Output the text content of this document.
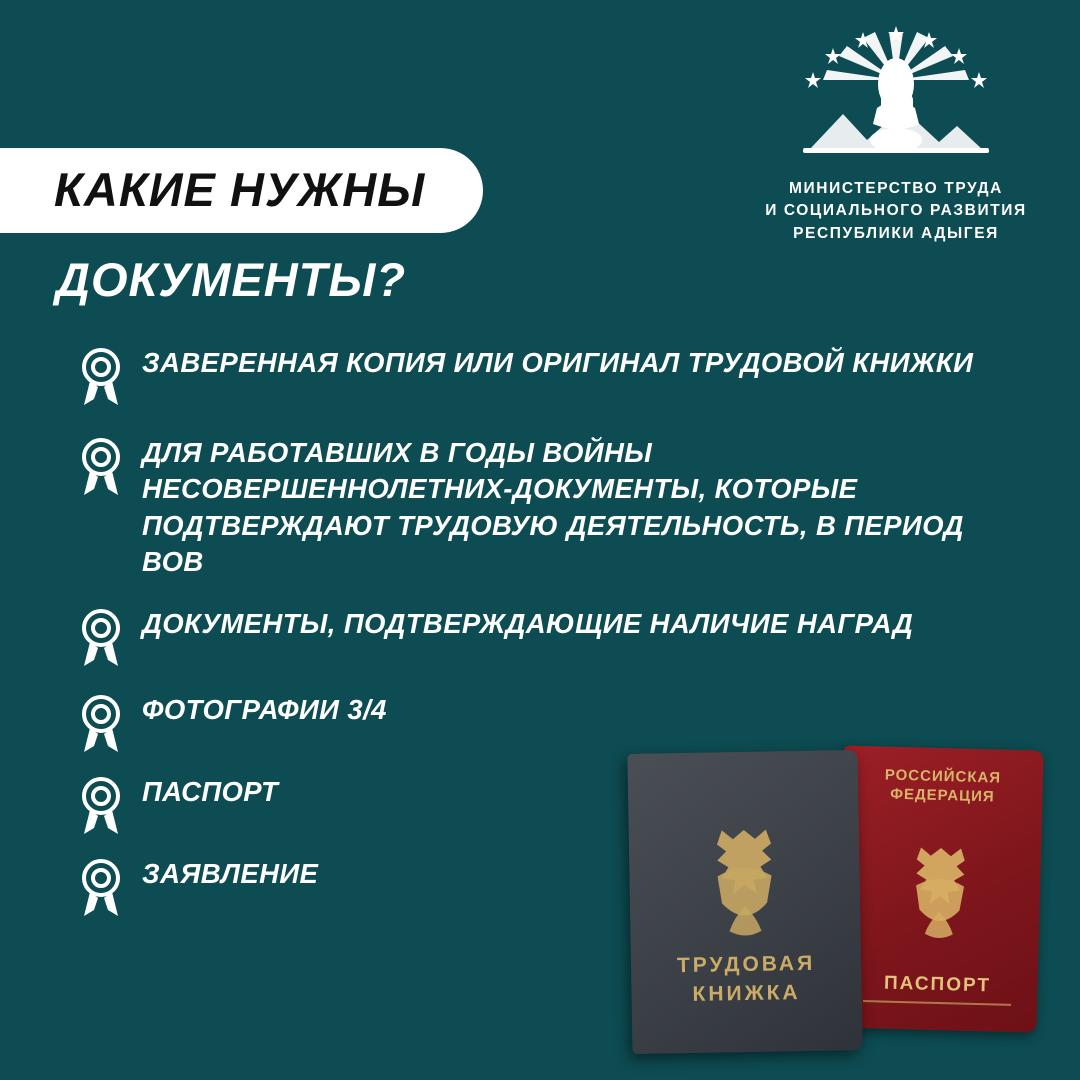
МИНИСТЕРСТВО ТРУДА
И СОЦИАЛЬНОГО РАЗВИТИЯ
РЕСПУБЛИКИ АДЫГЕЯ
КАКИЕ НУЖНЫ
ДОКУМЕНТЫ?
ЗАВЕРЕННАЯ КОПИЯ ИЛИ ОРИГИНАЛ ТРУДОВОЙ КНИЖКИ
ДЛЯ РАБОТАВШИХ В ГОДЫ ВОЙНЫ НЕСОВЕРШЕННОЛЕТНИХ-ДОКУМЕНТЫ, КОТОРЫЕ ПОДТВЕРЖДАЮТ ТРУДОВУЮ ДЕЯТЕЛЬНОСТЬ, В ПЕРИОД ВОВ
ДОКУМЕНТЫ, ПОДТВЕРЖДАЮЩИЕ НАЛИЧИЕ НАГРАД
ФОТОГРАФИИ 3/4
ПАСПОРТ
ЗАЯВЛЕНИЕ
РОССИЙСКАЯ
ФЕДЕРАЦИЯ
ПАСПОРТ
ТРУДОВАЯ
КНИЖКА
